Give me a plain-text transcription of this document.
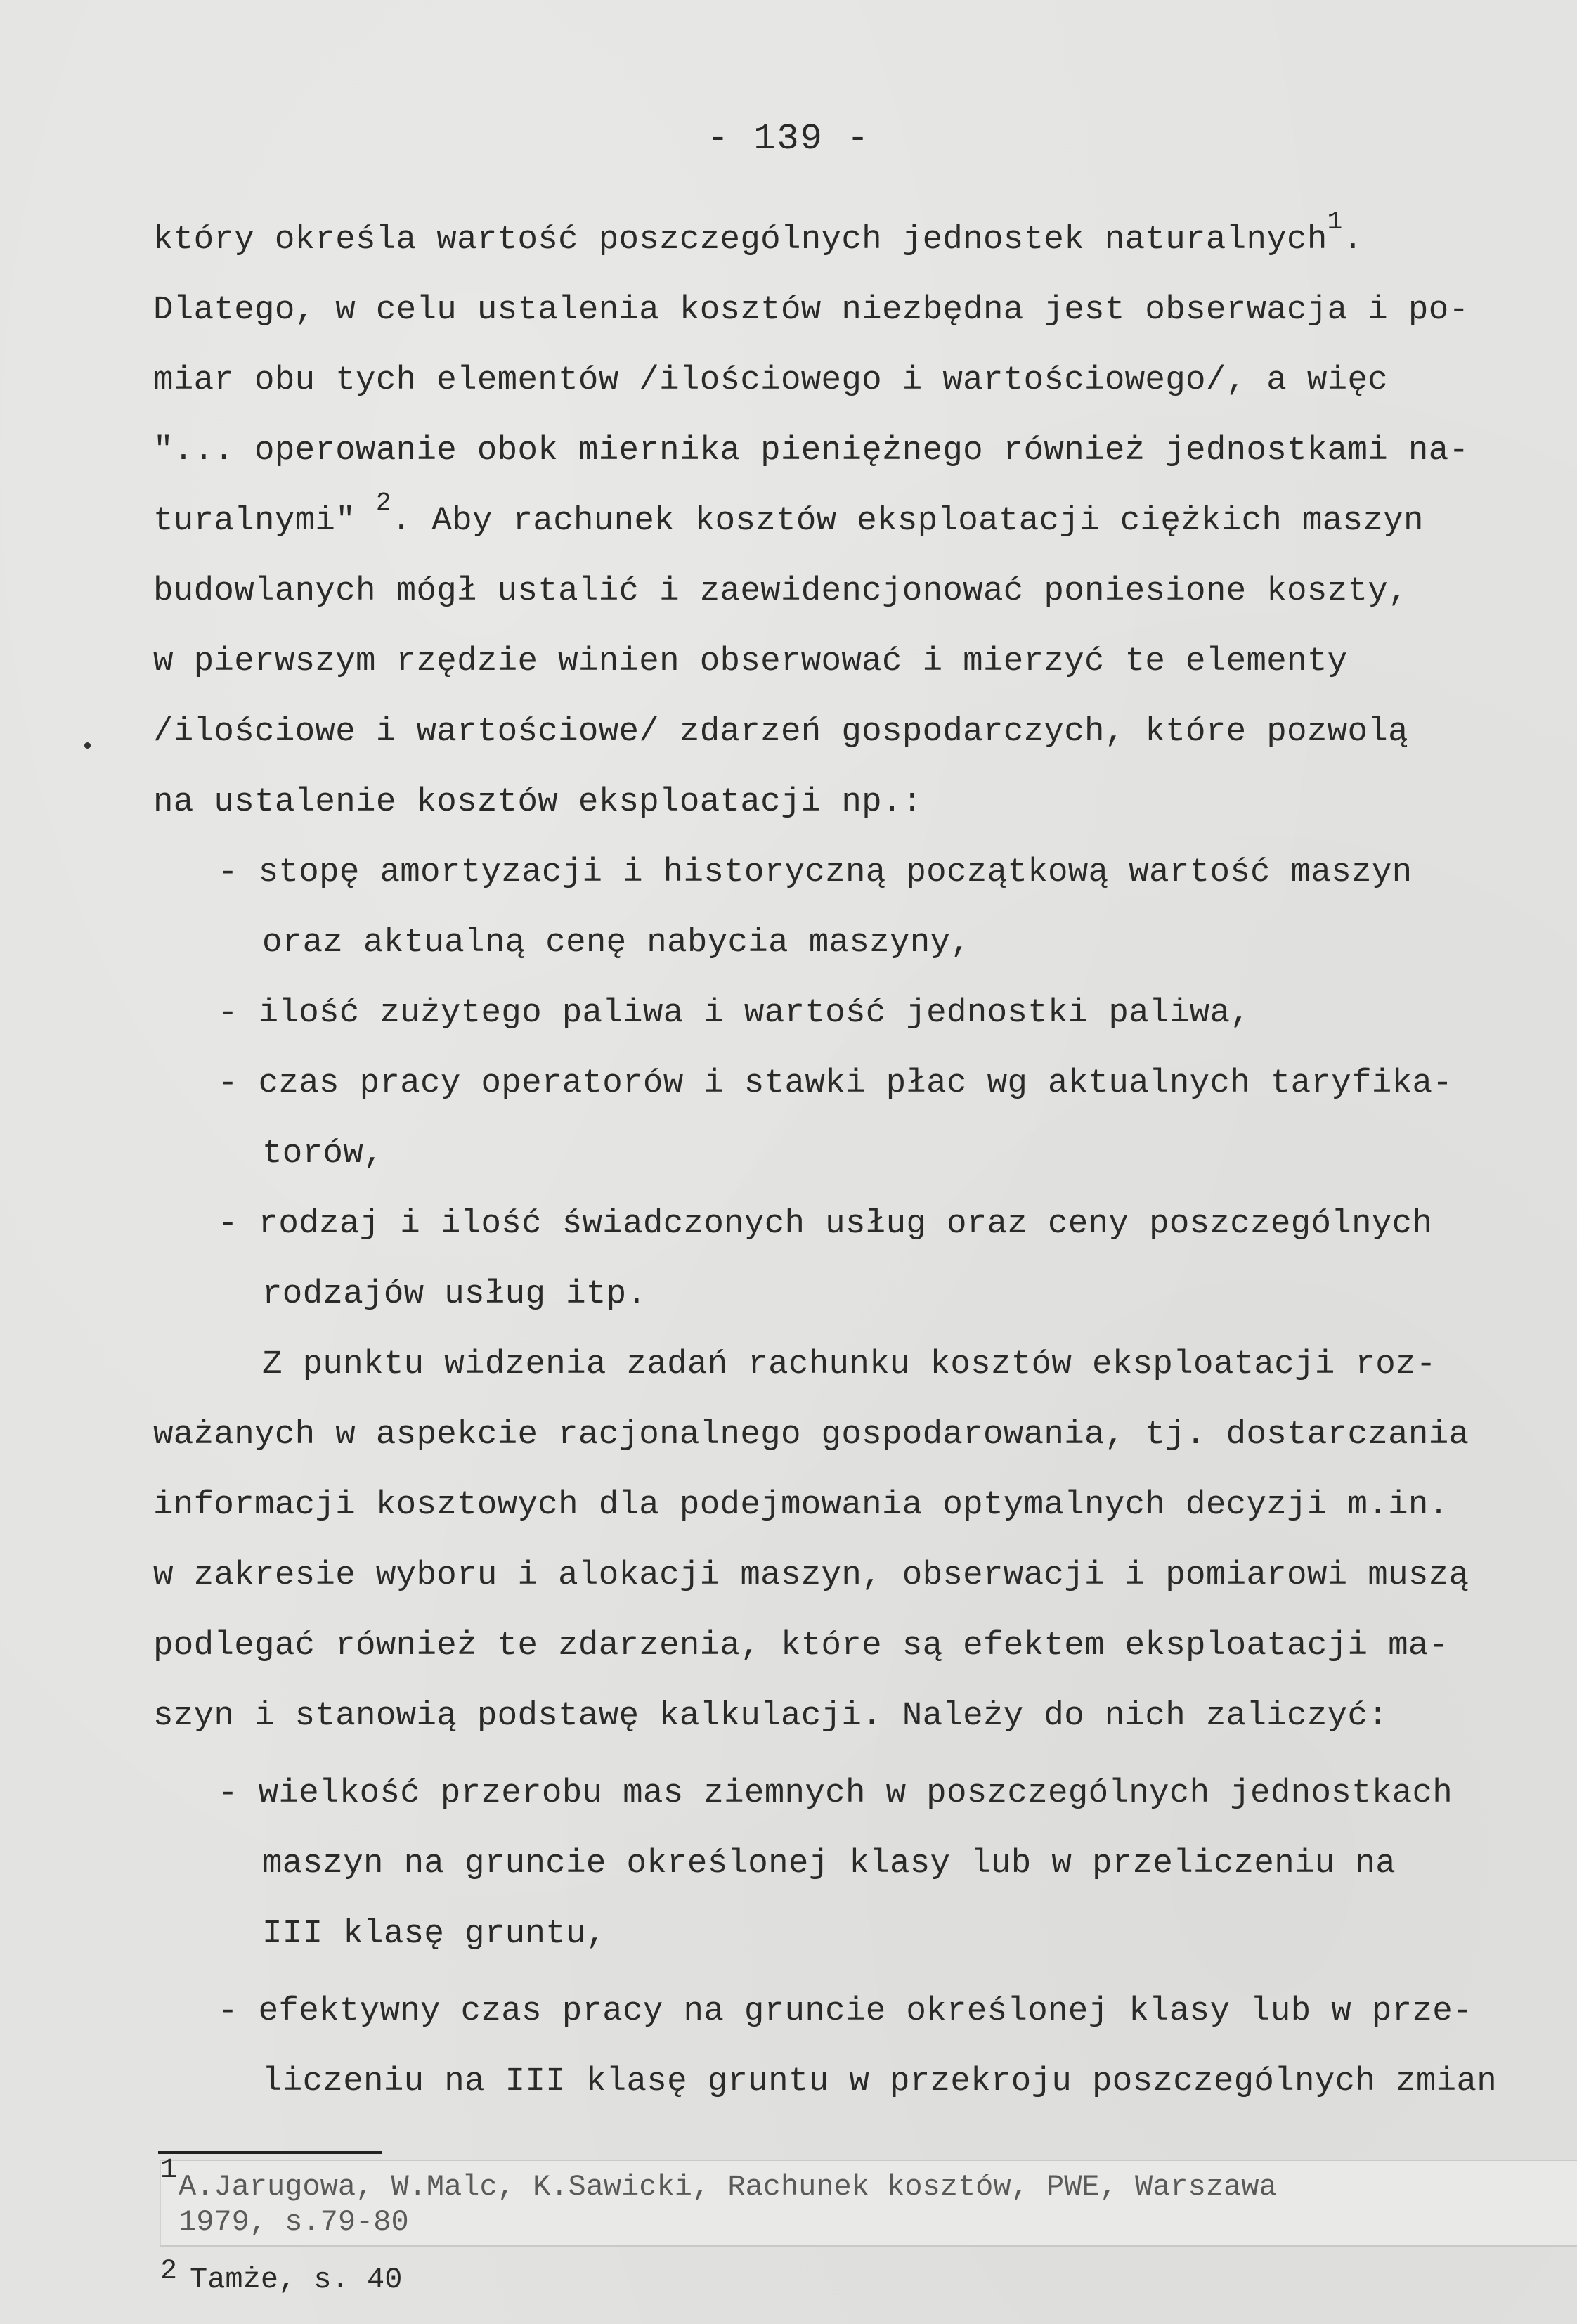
- 139 -
który określa wartość poszczególnych jednostek naturalnych$^1$.
Dlatego, w celu ustalenia kosztów niezbędna jest obserwacja i po-
miar obu tych elementów /ilościowego i wartościowego/, a więc
"... operowanie obok miernika pieniężnego również jednostkami na-
turalnymi" $^2$. Aby rachunek kosztów eksploatacji ciężkich maszyn
budowlanych mógł ustalić i zaewidencjonować poniesione koszty,
w pierwszym rzędzie winien obserwować i mierzyć te elementy
/ilościowe i wartościowe/ zdarzeń gospodarczych, które pozwolą
na ustalenie kosztów eksploatacji np.:
- stopę amortyzacji i historyczną początkową wartość maszyn
oraz aktualną cenę nabycia maszyny,
- ilość zużytego paliwa i wartość jednostki paliwa,
- czas pracy operatorów i stawki płac wg aktualnych taryfika-
torów,
- rodzaj i ilość świadczonych usług oraz ceny poszczególnych
rodzajów usług itp.
Z punktu widzenia zadań rachunku kosztów eksploatacji roz-
ważanych w aspekcie racjonalnego gospodarowania, tj. dostarczania
informacji kosztowych dla podejmowania optymalnych decyzji m.in.
w zakresie wyboru i alokacji maszyn, obserwacji i pomiarowi muszą
podlegać również te zdarzenia, które są efektem eksploatacji ma-
szyn i stanowią podstawę kalkulacji. Należy do nich zaliczyć:
- wielkość przerobu mas ziemnych w poszczególnych jednostkach
maszyn na gruncie określonej klasy lub w przeliczeniu na
III klasę gruntu,
- efektywny czas pracy na gruncie określonej klasy lub w prze-
liczeniu na III klasę gruntu w przekroju poszczególnych zmian
1 A.Jarugowa, W.Malc, K.Sawicki, Rachunek kosztów, PWE, Warszawa
1979, s.79-80
2 Tamże, s. 40
